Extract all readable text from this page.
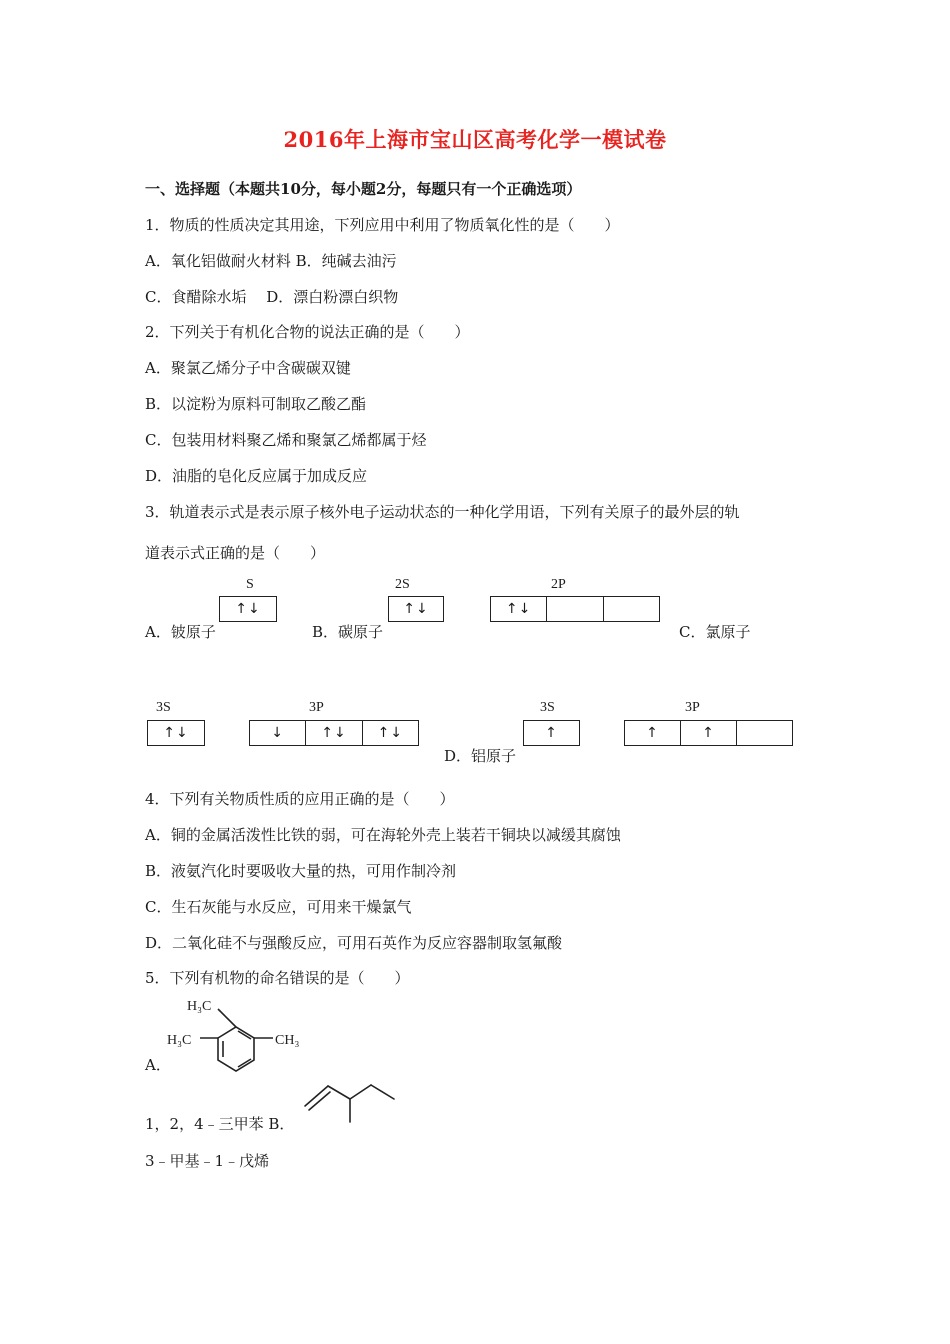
2016年上海市宝山区高考化学一模试卷
一、选择题（本题共10分，每小题2分，每题只有一个正确选项）
1．物质的性质决定其用途，下列应用中利用了物质氧化性的是（　　）
A．氧化铝做耐火材料 B．纯碱去油污
C．食醋除水垢　 D．漂白粉漂白织物
2．下列关于有机化合物的说法正确的是（　　）
A．聚氯乙烯分子中含碳碳双键
B．以淀粉为原料可制取乙酸乙酯
C．包装用材料聚乙烯和聚氯乙烯都属于烃
D．油脂的皂化反应属于加成反应
3．轨道表示式是表示原子核外电子运动状态的一种化学用语，下列有关原子的最外层的轨
道表示式正确的是（　　）
A．铍原子
S
↑↓
B．碳原子
2S
↑↓
2P
↑↓
C．氯原子
3S
↑↓
3P
↓	↑↓	↑↓
3S
↑
3P
↑	↑
D．铝原子
4．下列有关物质性质的应用正确的是（　　）
A．铜的金属活泼性比铁的弱，可在海轮外壳上装若干铜块以减缓其腐蚀
B．液氨汽化时要吸收大量的热，可用作制冷剂
C．生石灰能与水反应，可用来干燥氯气
D．二氧化硅不与强酸反应，可用石英作为反应容器制取氢氟酸
5．下列有机物的命名错误的是（　　）
H₃C
H₃C	CH₃
A．
1，2，4﹣三甲苯 B．
3﹣甲基﹣1﹣戊烯
